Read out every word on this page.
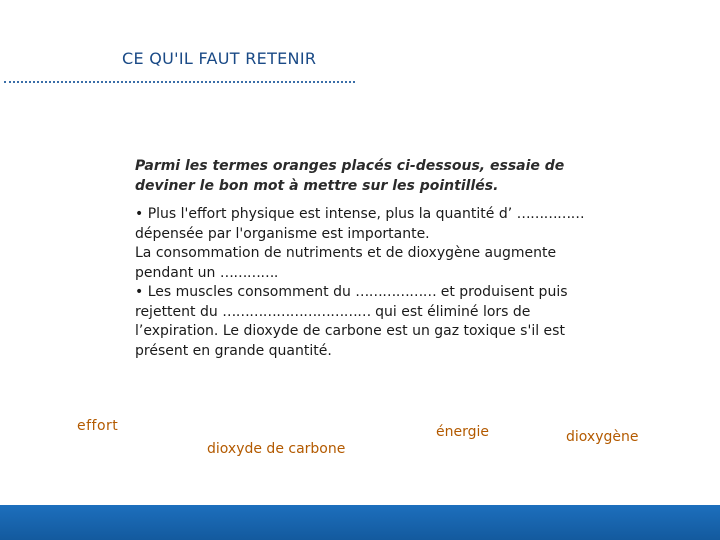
CE QU'IL FAUT RETENIR
Parmi les termes oranges placés ci-dessous, essaie de deviner le bon mot à mettre sur les pointillés.

• Plus l'effort physique est intense, plus la quantité d’ …………… dépensée par l'organisme est importante.

La consommation de nutriments et de dioxygène augmente

pendant un ………….

• Les muscles consomment du ……………… et produisent puis

rejettent du …………………………… qui est éliminé lors de

l’expiration. Le dioxyde de carbone est un gaz toxique s'il est

présent en grande quantité.

effort
dioxyde de carbone
énergie	dioxygène
